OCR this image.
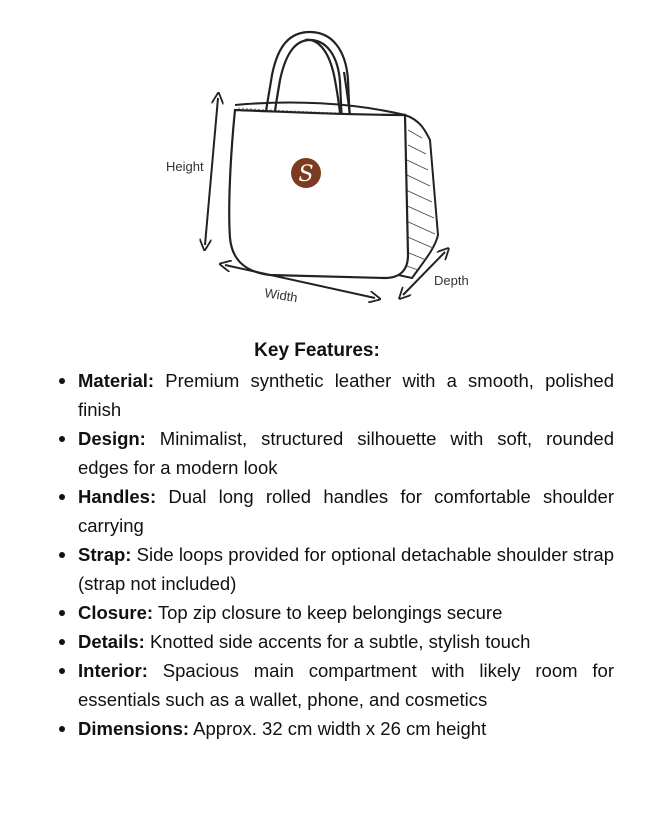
S
Height
Width
Depth
Key Features:
Material: Premium synthetic leather with a smooth, polished finish
Design: Minimalist, structured silhouette with soft, rounded edges for a modern look
Handles: Dual long rolled handles for comfortable shoulder carrying
Strap: Side loops provided for optional detachable shoulder strap (strap not included)
Closure: Top zip closure to keep belongings secure
Details: Knotted side accents for a subtle, stylish touch
Interior: Spacious main compartment with likely room for essentials such as a wallet, phone, and cosmetics
Dimensions: Approx. 32 cm width x 26 cm height
